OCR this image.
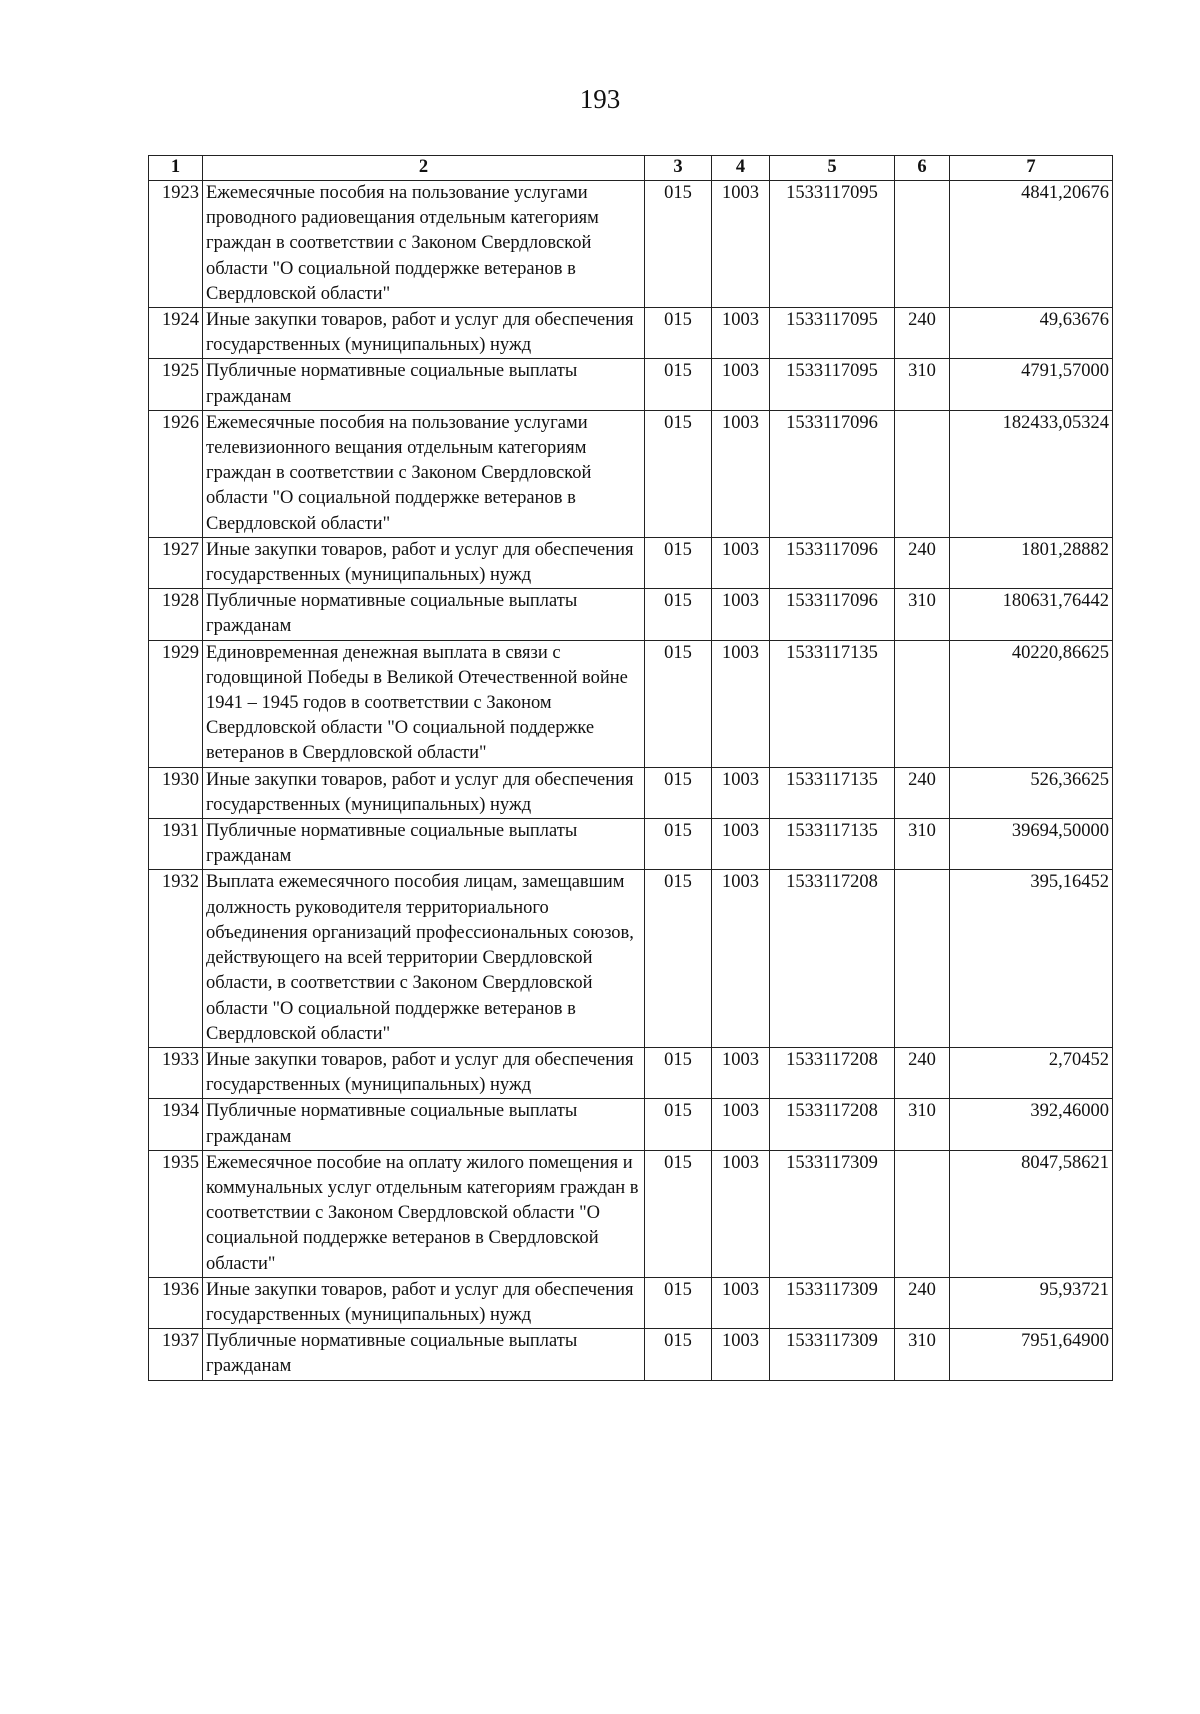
193
1	2	3	4	5	6	7
1923	Ежемесячные пособия на пользование услугами проводного радиовещания отдельным категориям граждан в соответствии с Законом Свердловской области "О социальной поддержке ветеранов в Свердловской области"	015	1003	1533117095		4841,20676
1924	Иные закупки товаров, работ и услуг для обеспечения государственных (муниципальных) нужд	015	1003	1533117095	240	49,63676
1925	Публичные нормативные социальные выплаты гражданам	015	1003	1533117095	310	4791,57000
1926	Ежемесячные пособия на пользование услугами телевизионного вещания отдельным категориям граждан в соответствии с Законом Свердловской области "О социальной поддержке ветеранов в Свердловской области"	015	1003	1533117096		182433,05324
1927	Иные закупки товаров, работ и услуг для обеспечения государственных (муниципальных) нужд	015	1003	1533117096	240	1801,28882
1928	Публичные нормативные социальные выплаты гражданам	015	1003	1533117096	310	180631,76442
1929	Единовременная денежная выплата в связи с годовщиной Победы в Великой Отечественной войне 1941 – 1945 годов в соответствии с Законом Свердловской области "О социальной поддержке ветеранов в Свердловской области"	015	1003	1533117135		40220,86625
1930	Иные закупки товаров, работ и услуг для обеспечения государственных (муниципальных) нужд	015	1003	1533117135	240	526,36625
1931	Публичные нормативные социальные выплаты гражданам	015	1003	1533117135	310	39694,50000
1932	Выплата ежемесячного пособия лицам, замещавшим должность руководителя территориального объединения организаций профессиональных союзов, действующего на всей территории Свердловской области, в соответствии с Законом Свердловской области "О социальной поддержке ветеранов в Свердловской области"	015	1003	1533117208		395,16452
1933	Иные закупки товаров, работ и услуг для обеспечения государственных (муниципальных) нужд	015	1003	1533117208	240	2,70452
1934	Публичные нормативные социальные выплаты гражданам	015	1003	1533117208	310	392,46000
1935	Ежемесячное пособие на оплату жилого помещения и коммунальных услуг отдельным категориям граждан в соответствии с Законом Свердловской области "О социальной поддержке ветеранов в Свердловской области"	015	1003	1533117309		8047,58621
1936	Иные закупки товаров, работ и услуг для обеспечения государственных (муниципальных) нужд	015	1003	1533117309	240	95,93721
1937	Публичные нормативные социальные выплаты гражданам	015	1003	1533117309	310	7951,64900
